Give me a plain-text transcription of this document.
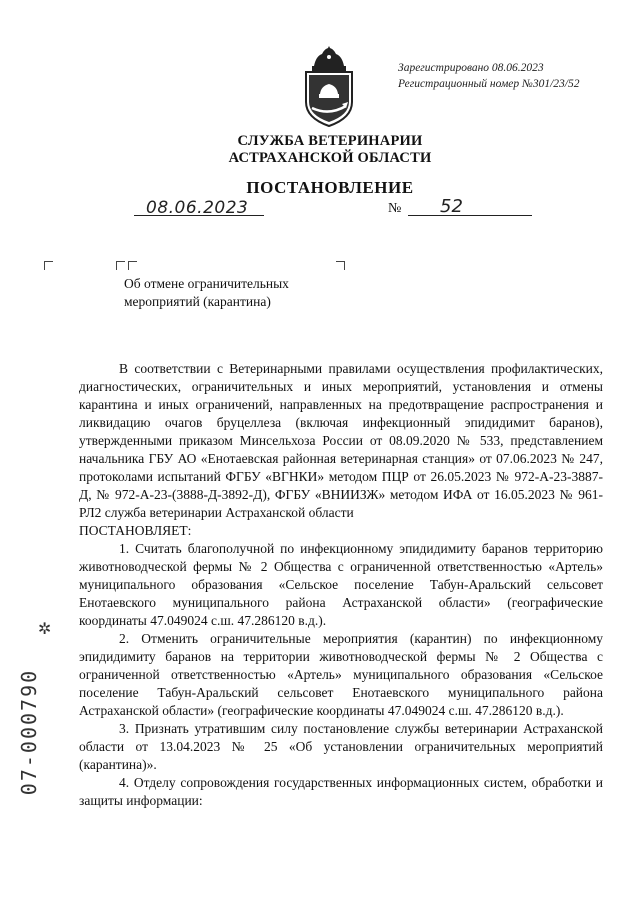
Зарегистрировано 08.06.2023
Регистрационный номер №301/23/52
СЛУЖБА ВЕТЕРИНАРИИ
АСТРАХАНСКОЙ ОБЛАСТИ
ПОСТАНОВЛЕНИЕ
08.06.2023	№ 52
Об отмене ограничительных
мероприятий (карантина)

В соответствии с Ветеринарными правилами осуществления профилактических, диагностических, ограничительных и иных мероприятий, установления и отмены карантина и иных ограничений, направленных на предотвращение распространения и ликвидацию очагов бруцеллеза (включая инфекционный эпидидимит баранов), утвержденными приказом Минсельхоза России от 08.09.2020 № 533, представлением начальника ГБУ АО «Енотаевская районная ветеринарная станция» от 07.06.2023 № 247, протоколами испытаний ФГБУ «ВГНКИ» методом ПЦР от 26.05.2023 № 972-А-23-3887-Д, № 972-А-23-(3888-Д-3892-Д), ФГБУ «ВНИИЗЖ» методом ИФА от 16.05.2023 № 961-РЛ2 служба ветеринарии Астраханской области

ПОСТАНОВЛЯЕТ:

1. Считать благополучной по инфекционному эпидидимиту баранов территорию животноводческой фермы № 2 Общества с ограниченной ответственностью «Артель» муниципального образования «Сельское поселение Табун-Аральский сельсовет Енотаевского муниципального района Астраханской области» (географические координаты 47.049024 с.ш. 47.286120 в.д.).

2. Отменить ограничительные мероприятия (карантин) по инфекционному эпидидимиту баранов на территории животноводческой фермы № 2 Общества с ограниченной ответственностью «Артель» муниципального образования «Сельское поселение Табун-Аральский сельсовет Енотаевского муниципального района Астраханской области» (географические координаты 47.049024 с.ш. 47.286120 в.д.).

3. Признать утратившим силу постановление службы ветеринарии Астраханской области от 13.04.2023 № 25 «Об установлении ограничительных мероприятий (карантина)».

4. Отделу сопровождения государственных информационных систем, обработки и защиты информации:

✲
07-000790
